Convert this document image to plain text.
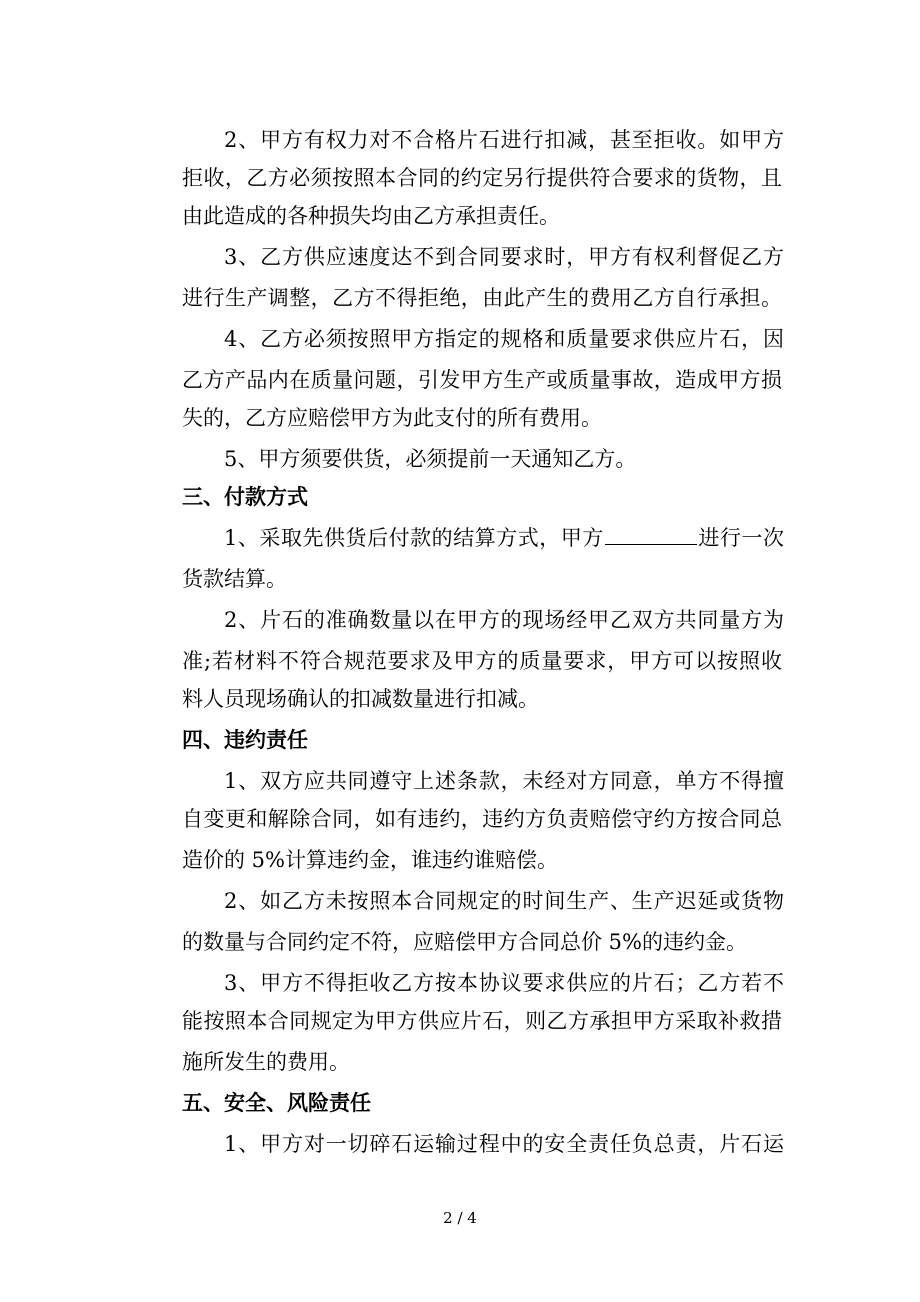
2、甲方有权力对不合格片石进行扣减，甚至拒收。如甲方
拒收，乙方必须按照本合同的约定另行提供符合要求的货物，且
由此造成的各种损失均由乙方承担责任。
3、乙方供应速度达不到合同要求时，甲方有权利督促乙方
进行生产调整，乙方不得拒绝，由此产生的费用乙方自行承担。
4、乙方必须按照甲方指定的规格和质量要求供应片石，因
乙方产品内在质量问题，引发甲方生产或质量事故，造成甲方损
失的，乙方应赔偿甲方为此支付的所有费用。
5、甲方须要供货，必须提前一天通知乙方。
三、付款方式
1、采取先供货后付款的结算方式，甲方	进行一次
货款结算。
2、片石的准确数量以在甲方的现场经甲乙双方共同量方为
准;若材料不符合规范要求及甲方的质量要求，甲方可以按照收
料人员现场确认的扣减数量进行扣减。
四、违约责任
1、双方应共同遵守上述条款，未经对方同意，单方不得擅
自变更和解除合同，如有违约，违约方负责赔偿守约方按合同总
造价的 5%计算违约金，谁违约谁赔偿。
2、如乙方未按照本合同规定的时间生产、生产迟延或货物
的数量与合同约定不符，应赔偿甲方合同总价 5%的违约金。
3、甲方不得拒收乙方按本协议要求供应的片石；乙方若不
能按照本合同规定为甲方供应片石，则乙方承担甲方采取补救措
施所发生的费用。
五、安全、风险责任
1、甲方对一切碎石运输过程中的安全责任负总责，片石运
2 / 4
